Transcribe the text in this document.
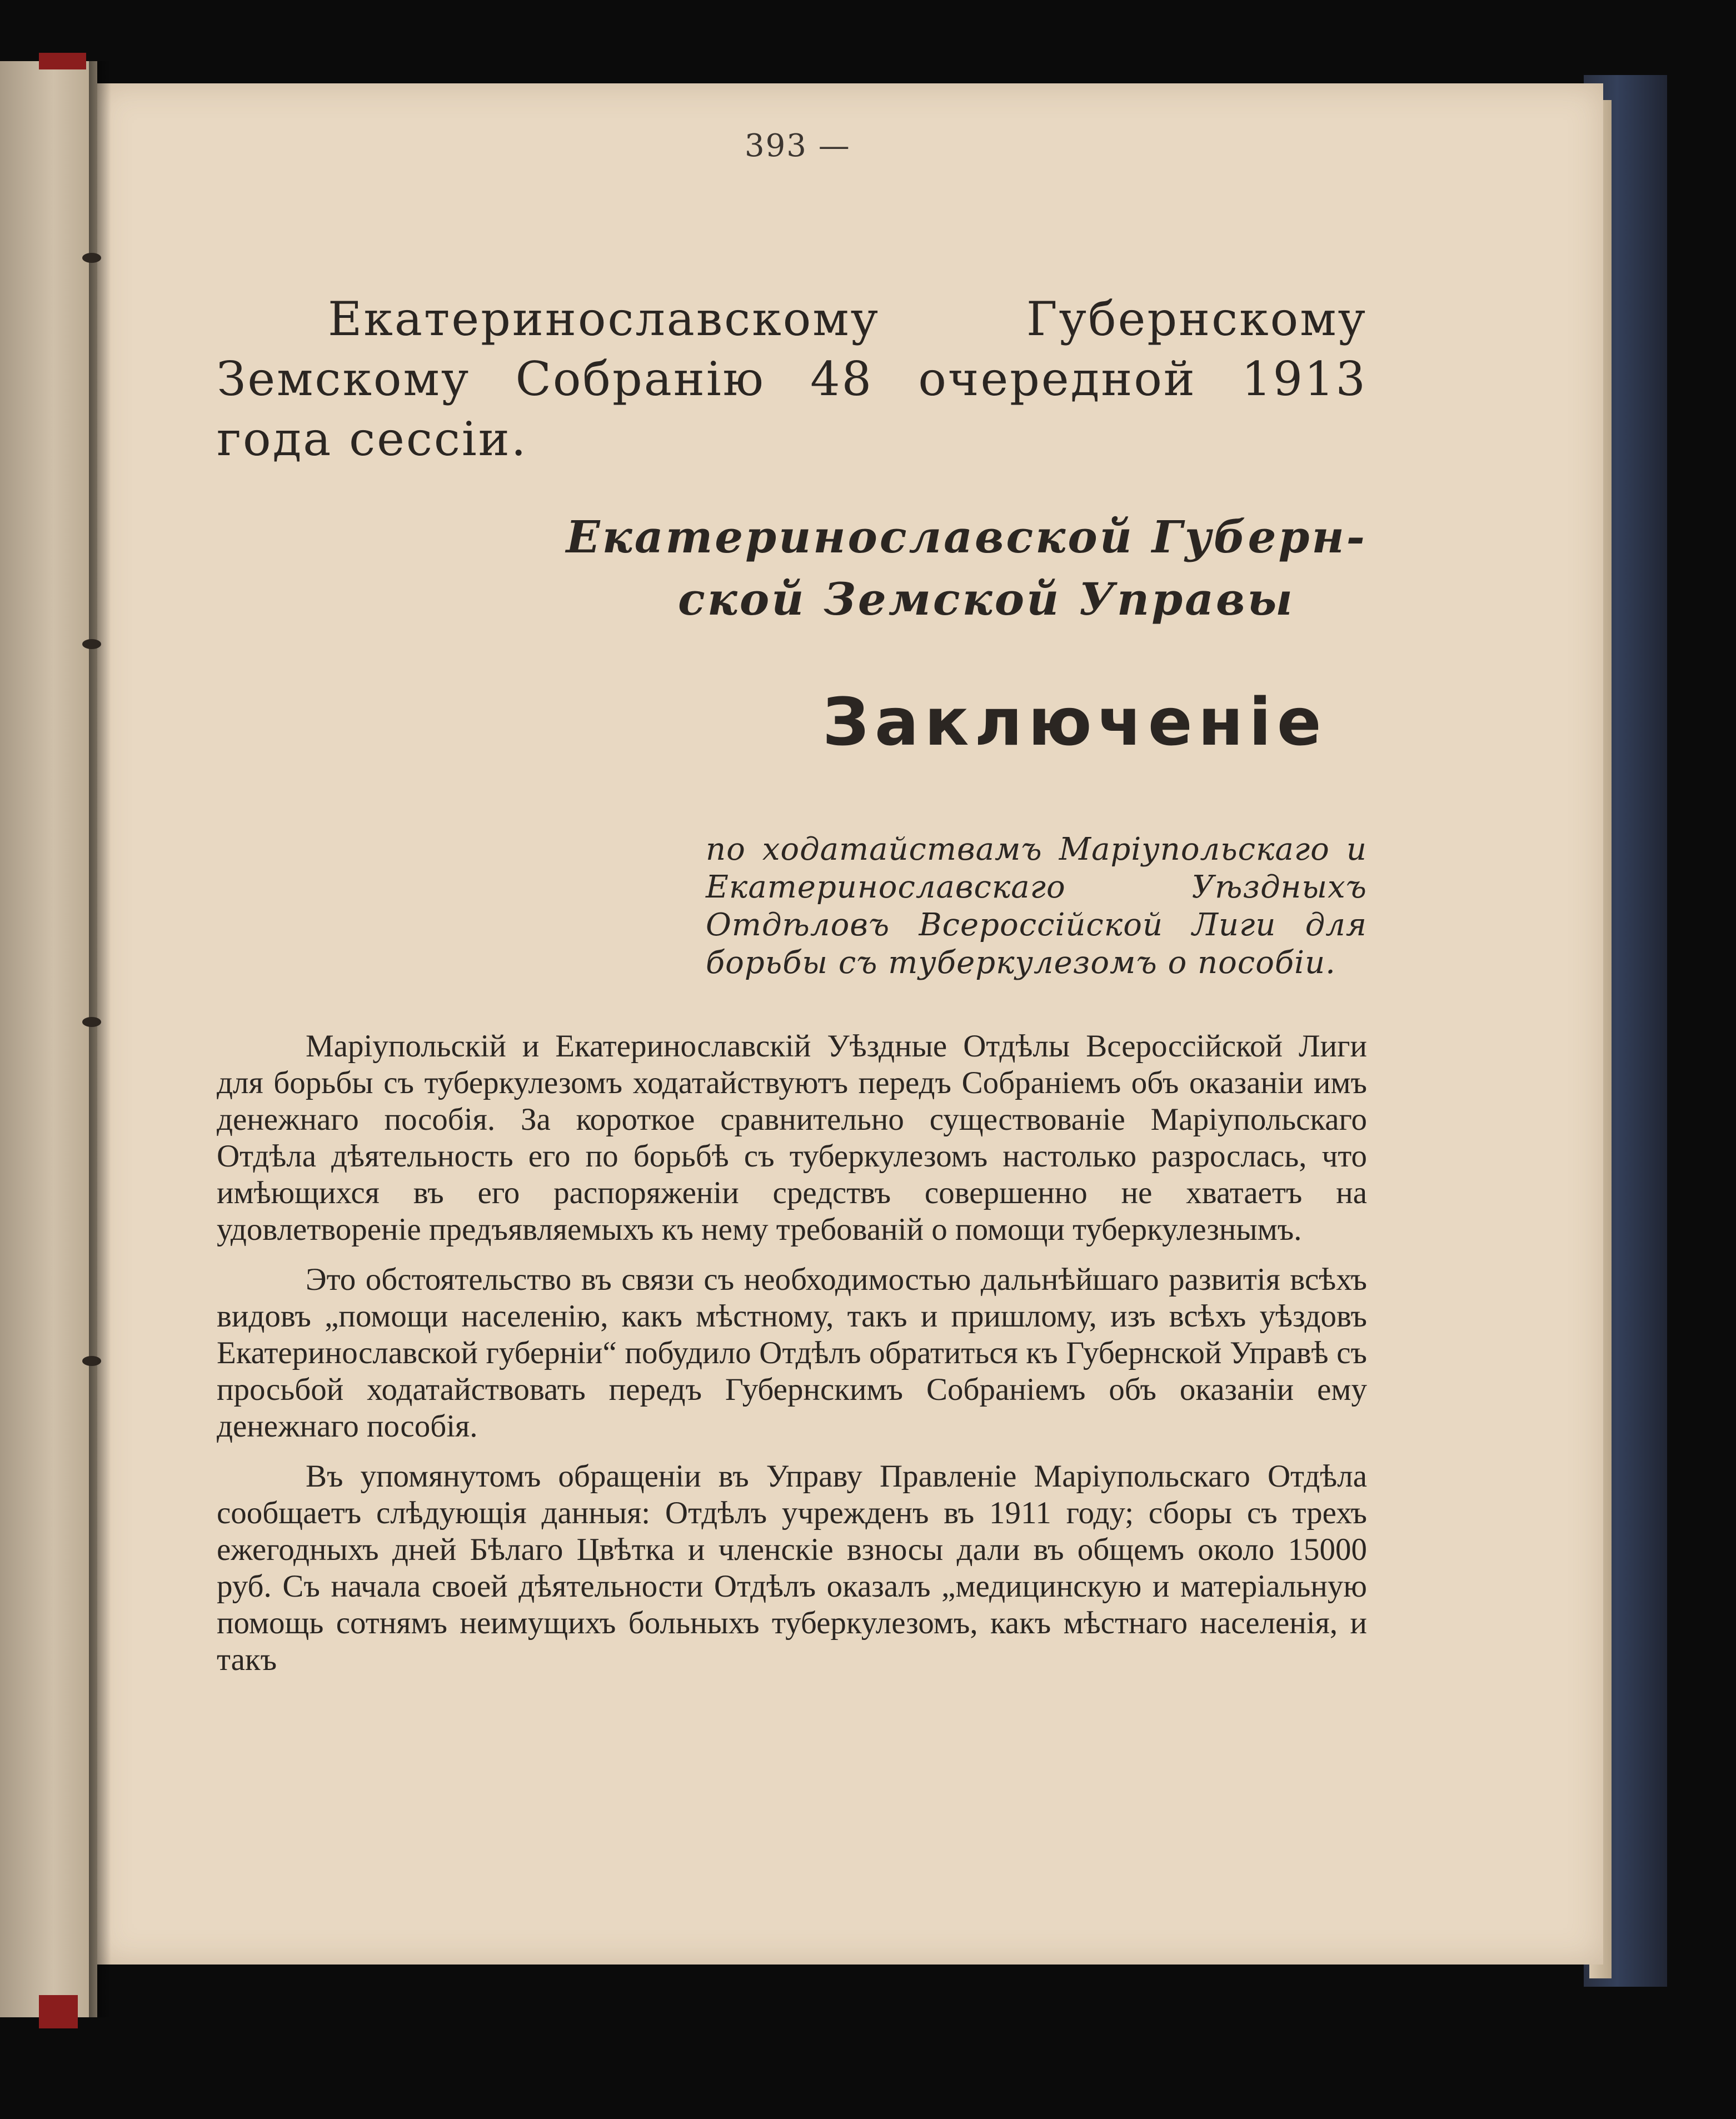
393 —
Екатеринославскому Губернскому Земскому Собранію 48 очередной 1913 года сессіи.
Екатеринославской Губерн-
ской Земской Управы
Заключеніе
по ходатайствамъ Маріупольскаго и Екатеринославскаго Уѣздныхъ Отдѣловъ Всероссійской Лиги для борьбы съ туберкулезомъ о пособіи.

Маріупольскій и Екатеринославскій Уѣздные Отдѣлы Всероссійской Лиги для борьбы съ туберкулезомъ ходатайствуютъ передъ Собраніемъ объ оказаніи имъ денежнаго пособія. За короткое сравнительно существованіе Маріупольскаго Отдѣла дѣятельность его по борьбѣ съ туберкулезомъ настолько разрослась, что имѣющихся въ его распоряженіи средствъ совершенно не хватаетъ на удовлетвореніе предъявляемыхъ къ нему требованій о помощи туберкулезнымъ.

Это обстоятельство въ связи съ необходимостью дальнѣйшаго развитія всѣхъ видовъ „помощи населенію, какъ мѣстному, такъ и пришлому, изъ всѣхъ уѣздовъ Екатеринославской губерніи“ побудило Отдѣлъ обратиться къ Губернской Управѣ съ просьбой ходатайствовать передъ Губернскимъ Собраніемъ объ оказаніи ему денежнаго пособія.

Въ упомянутомъ обращеніи въ Управу Правленіе Маріупольскаго Отдѣла сообщаетъ слѣдующія данныя: Отдѣлъ учрежденъ въ 1911 году; сборы съ трехъ ежегодныхъ дней Бѣлаго Цвѣтка и членскіе взносы дали въ общемъ около 15000 руб. Съ начала своей дѣятельности Отдѣлъ оказалъ „медицинскую и матеріальную помощь сотнямъ неимущихъ больныхъ туберкулезомъ, какъ мѣстнаго населенія, и такъ
